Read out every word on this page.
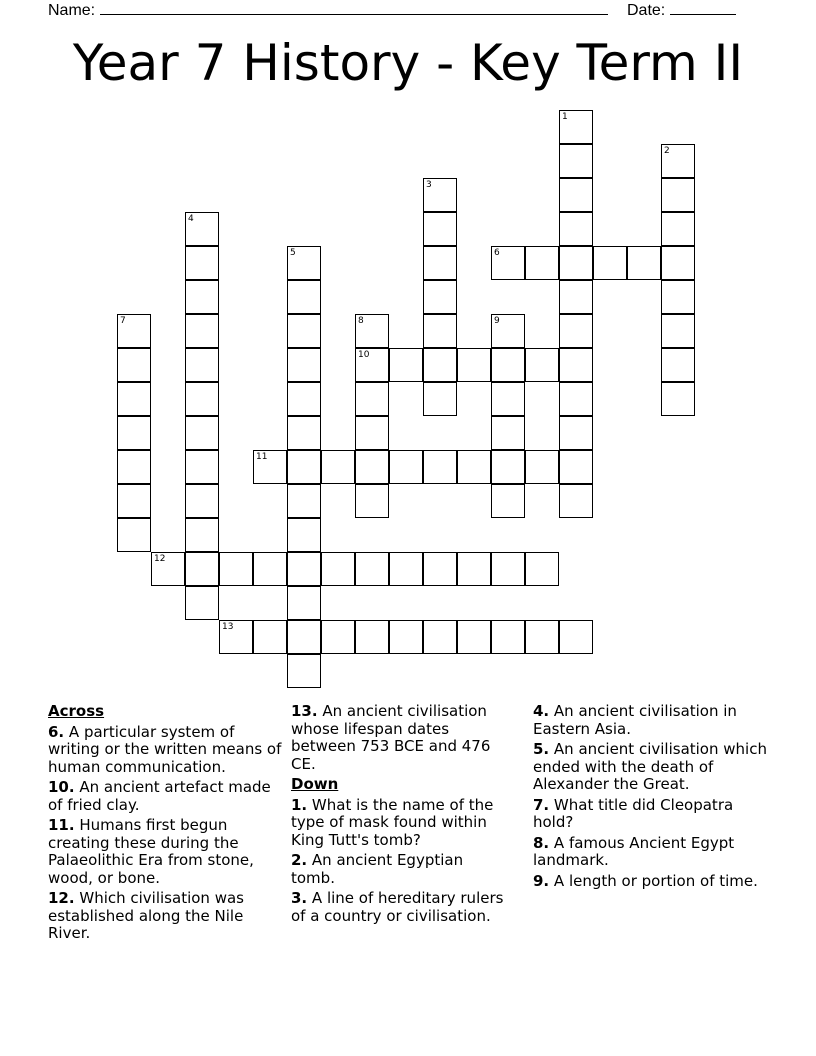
Name:	Date:
Year 7 History - Key Term II
1
2
3
4
5	6
7	8
10
9
11
12
13
Across
6. A particular system of writing or the written means of human communication.
10. An ancient artefact made of fried clay.
11. Humans first begun creating these during the Palaeolithic Era from stone, wood, or bone.
12. Which civilisation was established along the Nile River.
13. An ancient civilisation whose lifespan dates between 753 BCE and 476 CE.
Down
1. What is the name of the type of mask found within King Tutt's tomb?
2. An ancient Egyptian tomb.
3. A line of hereditary rulers of a country or civilisation.
4. An ancient civilisation in Eastern Asia.
5. An ancient civilisation which ended with the death of Alexander the Great.
7. What title did Cleopatra hold?
8. A famous Ancient Egypt landmark.
9. A length or portion of time.
